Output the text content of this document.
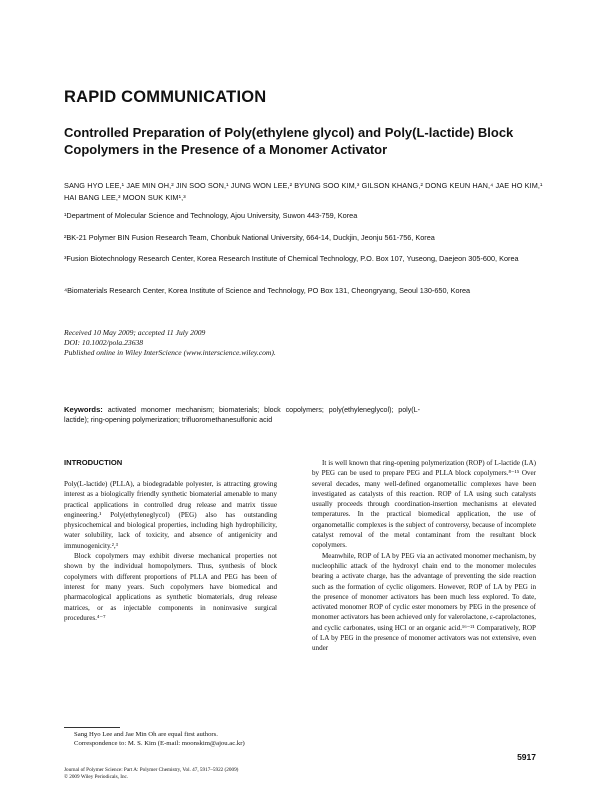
RAPID COMMUNICATION
Controlled Preparation of Poly(ethylene glycol) and Poly(L-lactide) Block Copolymers in the Presence of a Monomer Activator
SANG HYO LEE,¹ JAE MIN OH,² JIN SOO SON,¹ JUNG WON LEE,² BYUNG SOO KIM,³ GILSON KHANG,² DONG KEUN HAN,⁴ JAE HO KIM,¹ HAI BANG LEE,³ MOON SUK KIM¹,³
¹Department of Molecular Science and Technology, Ajou University, Suwon 443-759, Korea
²BK-21 Polymer BIN Fusion Research Team, Chonbuk National University, 664-14, Duckjin, Jeonju 561-756, Korea
³Fusion Biotechnology Research Center, Korea Research Institute of Chemical Technology, P.O. Box 107, Yuseong, Daejeon 305-600, Korea
⁴Biomaterials Research Center, Korea Institute of Science and Technology, PO Box 131, Cheongryang, Seoul 130-650, Korea
Received 10 May 2009; accepted 11 July 2009
DOI: 10.1002/pola.23638
Published online in Wiley InterScience (www.interscience.wiley.com).
Keywords: activated monomer mechanism; biomaterials; block copolymers; poly(ethyleneglycol); poly(L-lactide); ring-opening polymerization; trifluoromethanesulfonic acid
INTRODUCTION

Poly(L-lactide) (PLLA), a biodegradable polyester, is attracting growing interest as a biologically friendly synthetic biomaterial amenable to many practical applications in controlled drug release and matrix tissue engineering.¹ Poly(ethyleneglycol) (PEG) also has outstanding physicochemical and biological properties, including high hydrophilicity, water solubility, lack of toxicity, and absence of antigenicity and immunogenicity.²,³

Block copolymers may exhibit diverse mechanical properties not shown by the individual homopolymers. Thus, synthesis of block copolymers with different proportions of PLLA and PEG has been of interest for many years. Such copolymers have biomedical and pharmacological applications as synthetic biomaterials, drug release matrices, or as injectable components in noninvasive surgical procedures.⁴⁻⁷

It is well known that ring-opening polymerization (ROP) of L-lactide (LA) by PEG can be used to prepare PEG and PLLA block copolymers.⁸⁻¹⁵ Over several decades, many well-defined organometallic complexes have been investigated as catalysts of this reaction. ROP of LA using such catalysts usually proceeds through coordination-insertion mechanisms at elevated temperatures. In the practical biomedical application, the use of organometallic complexes is the subject of controversy, because of incomplete catalyst removal of the metal contaminant from the resultant block copolymers.

Meanwhile, ROP of LA by PEG via an activated monomer mechanism, by nucleophilic attack of the hydroxyl chain end to the monomer molecules bearing a activate charge, has the advantage of preventing the side reaction such as the formation of cyclic oligomers. However, ROP of LA by PEG in the presence of monomer activators has been much less explored. To date, activated monomer ROP of cyclic ester monomers by PEG in the presence of monomer activators has been achieved only for valerolactone, ε-caprolactones, and cyclic carbonates, using HCl or an organic acid.¹⁶⁻²¹ Comparatively, ROP of LA by PEG in the presence of monomer activators was not extensive, even under

Sang Hyo Lee and Jae Min Oh are equal first authors.

Correspondence to: M. S. Kim (E-mail: moonskim@ajou.ac.kr)

Journal of Polymer Science: Part A: Polymer Chemistry, Vol. 47, 5917–5922 (2009)
© 2009 Wiley Periodicals, Inc.
5917
